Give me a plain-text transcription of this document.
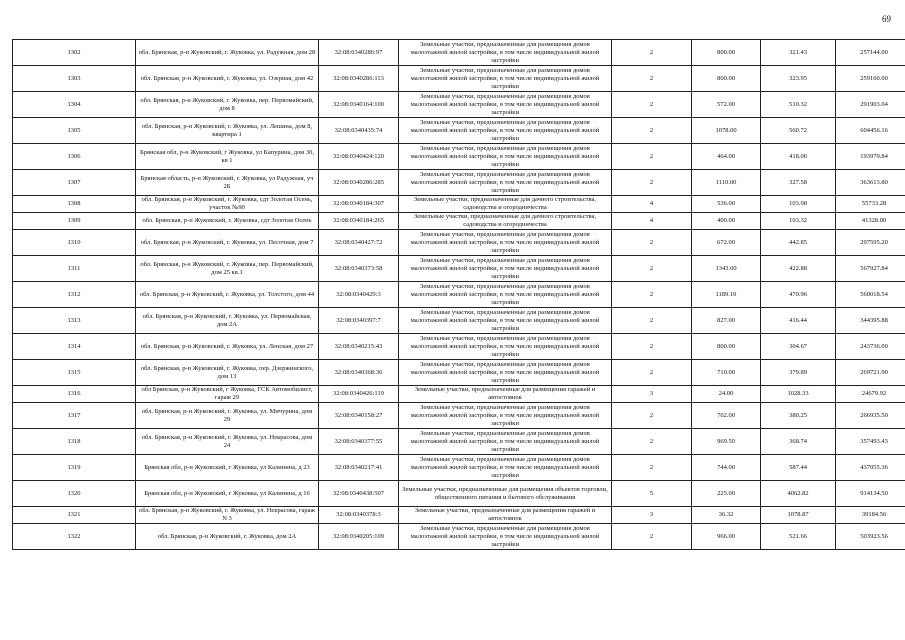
69
1302	обл. Брянская, р-н Жуковский, г. Жуковка, ул. Радужная, дом 28	32:08:0340286:97	Земельные участки, предназначенные для размещения домов малоэтажной жилой застройки, в том числе индивидуальной жилой застройки	2	800.00	321.43	257144.00
1303	обл. Брянская, р-н Жуковский, г. Жуковка, ул. Озерная, дом 42	32:08:0340286:113	Земельные участки, предназначенные для размещения домов малоэтажной жилой застройки, в том числе индивидуальной жилой застройки	2	800.00	323.95	259160.00
1304	обл. Брянская, р-н Жуковский, г. Жуковка, пер. Первомайский, дом 8	32:08:0340164:100	Земельные участки, предназначенные для размещения домов малоэтажной жилой застройки, в том числе индивидуальной жилой застройки	2	572.00	510.32	291903.04
1305	обл. Брянская, р-н Жуковский, г. Жуковка, ул. Лешина, дом 8, квартира 1	32:08:0340435:74	Земельные участки, предназначенные для размещения домов малоэтажной жилой застройки, в том числе индивидуальной жилой застройки	2	1078.00	560.72	604456.16
1306	Брянская обл, р-н Жуковский, г Жуковка, ул Капурина, дом 30, кв 1	32:08:0340424:120	Земельные участки, предназначенные для размещения домов малоэтажной жилой застройки, в том числе индивидуальной жилой застройки	2	464.00	418.06	193979.84
1307	Брянская область, р-н Жуковский, г. Жуковка, ул Радужная, уч 2Б	32:08:0340286:285	Земельные участки, предназначенные для размещения домов малоэтажной жилой застройки, в том числе индивидуальной жилой застройки	2	1110.00	327.58	363613.80
1308	обл. Брянская, р-н Жуковский, г. Жуковка, сдт Золотая Осень, участок №90	32:08:0340184:307	Земельные участки, предназначенные для дачного строительства, садоводства и огородничества	4	536.00	103.98	55733.28
1309	обл. Брянская, р-н Жуковский, г. Жуковка, сдт Золотая Осень	32:08:0340184:265	Земельные участки, предназначенные для дачного строительства, садоводства и огородничества	4	400.00	103.32	41328.00
1310	обл. Брянская, р-н Жуковский, г. Жуковка, ул. Песочная, дом 7	32:08:0340427:72	Земельные участки, предназначенные для размещения домов малоэтажной жилой застройки, в том числе индивидуальной жилой застройки	2	672.00	442.85	297595.20
1311	обл. Брянская, р-н Жуковский, г. Жуковка, пер. Первомайский, дом 25 кв.1	32:08:0340373:58	Земельные участки, предназначенные для размещения домов малоэтажной жилой застройки, в том числе индивидуальной жилой застройки	2	1343.00	422.88	567927.84
1312	обл. Брянская, р-н Жуковский, г. Жуковка, ул. Толстого, дом 44	32:08:0340429:3	Земельные участки, предназначенные для размещения домов малоэтажной жилой застройки, в том числе индивидуальной жилой застройки	2	1189.10	470.96	560018.54
1313	обл. Брянская, р-н Жуковский, г. Жуковка, ул. Первомайская, дом 2А	32:08:0340397:7	Земельные участки, предназначенные для размещения домов малоэтажной жилой застройки, в том числе индивидуальной жилой застройки	2	827.00	416.44	344395.88
1314	обл. Брянская, р-н Жуковский, г. Жуковка, ул. Ленская, дом 27	32:08:0340215:43	Земельные участки, предназначенные для размещения домов малоэтажной жилой застройки, в том числе индивидуальной жилой застройки	2	800.00	304.67	243736.00
1315	обл. Брянская, р-н Жуковский, г. Жуковка, пер. Дзержинского, дом 13	32:08:0340368:36	Земельные участки, предназначенные для размещения домов малоэтажной жилой застройки, в том числе индивидуальной жилой застройки	2	710.00	379.89	269721.90
1316	обл Брянская, р-н Жуковский, г Жуковка, ГСК Автомобилист, гараж 29	32:08:0340426:119	Земельные участки, предназначенные для размещения гаражей и автостоянок	3	24.00	1028.33	24679.92
1317	обл. Брянская, р-н Жуковский, г. Жуковка, ул. Мичурина, дом 29	32:08:0340158:27	Земельные участки, предназначенные для размещения домов малоэтажной жилой застройки, в том числе индивидуальной жилой застройки	2	702.00	380.25	266935.50
1318	обл. Брянская, р-н Жуковский, г. Жуковка, ул. Некрасова, дом 24	32:08:0340377:55	Земельные участки, предназначенные для размещения домов малоэтажной жилой застройки, в том числе индивидуальной жилой застройки	2	969.50	368.74	357493.43
1319	Брянская обл, р-н Жуковский, г Жуковка, ул Калинина, д 23	32:08:0340217:41	Земельные участки, предназначенные для размещения домов малоэтажной жилой застройки, в том числе индивидуальной жилой застройки	2	744.00	587.44	437055.36
1320	Брянская обл, р-н Жуковский, г Жуковка, ул Калинина, д 16	32:08:0340438:507	Земельные участки, предназначенные для размещения объектов торговли, общественного питания и бытового обслуживания	5	225.00	4062.82	914134.50
1321	обл. Брянская, р-н Жуковский, г. Жуковка, ул. Некрасова, гараж N 3	32:08:0340378:3	Земельные участки, предназначенные для размещения гаражей и автостоянок	3	36.32	1078.87	39184.56
1322	обл. Брянская, р-н Жуковский, г. Жуковка, дом 2А	32:08:0340205:109	Земельные участки, предназначенные для размещения домов малоэтажной жилой застройки, в том числе индивидуальной жилой застройки	2	966.00	521.66	503923.56
